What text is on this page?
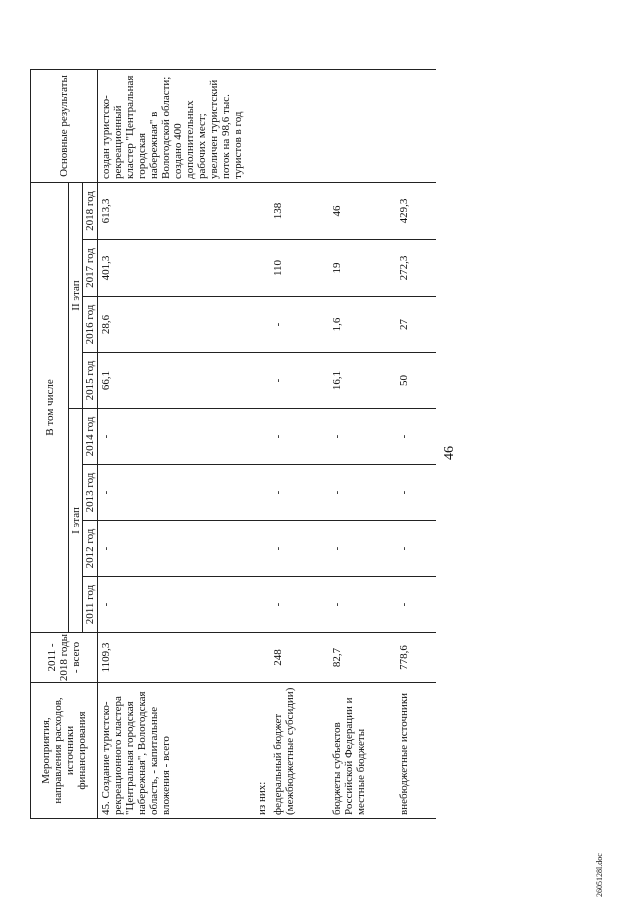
46
2605128l.doc
Мероприятия, направления расходов, источники финансирования	2011 - 2018 годы - всего	В том числе								Основные результаты
		I этап				II этап				
		2011 год	2012 год	2013 год	2014 год	2015 год	2016 год	2017 год	2018 год	
45. Создание туристско-рекреационного кластера "Центральная городская набережная", Вологодская область, - капитальные вложения - всего	1109,3	-	-	-	-	66,1	28,6	401,3	613,3	создан туристско-рекреационный кластер "Центральная городская набережная" в Вологодской области; создано 400 дополнительных рабочих мест; увеличен туристский поток на 98,6 тыс. туристов в год
из них:										
федеральный бюджет (межбюджетные субсидии)	248	-	-	-	-	-	-	110	138	
бюджеты субъектов Российской Федерации и местные бюджеты	82,7	-	-	-	-	16,1	1,6	19	46	
внебюджетные источники	778,6	-	-	-	-	50	27	272,3	429,3	
